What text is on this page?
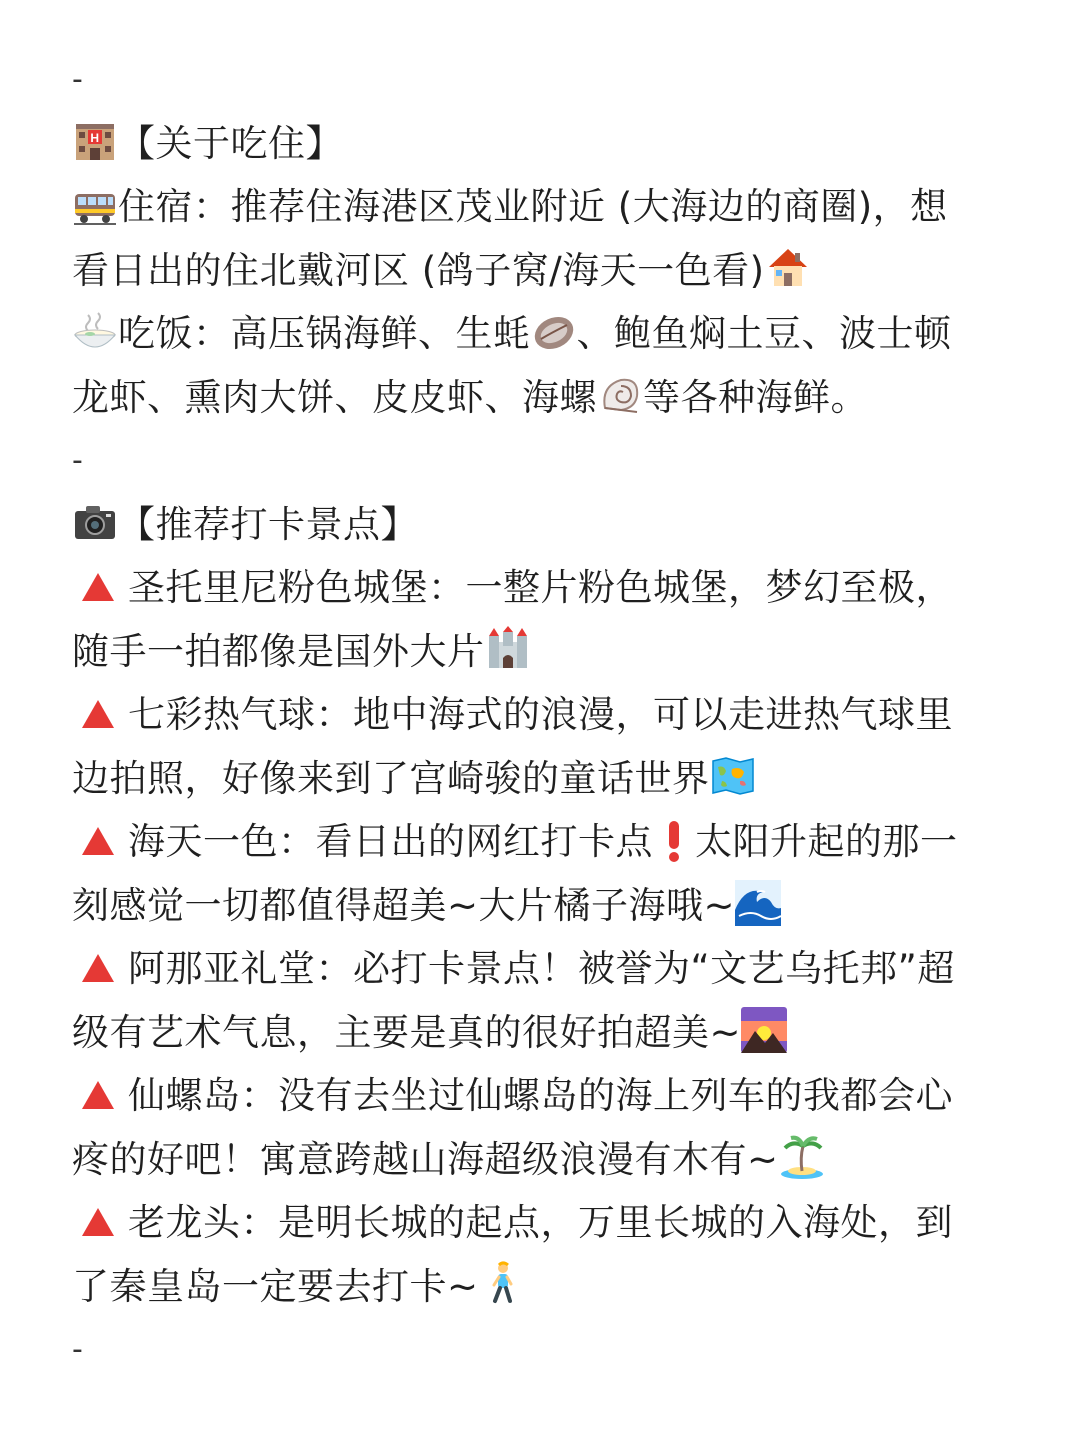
-
H 【关于吃住】
住宿：推荐住海港区茂业附近 (大海边的商圈)，想
看日出的住北戴河区 (鸽子窝/海天一色看)
吃饭：高压锅海鲜、生蚝 、鲍鱼焖土豆、波士顿
龙虾、熏肉大饼、皮皮虾、海螺 等各种海鲜。
-
【推荐打卡景点】
圣托里尼粉色城堡：一整片粉色城堡，梦幻至极，
随手一拍都像是国外大片
七彩热气球：地中海式的浪漫，可以走进热气球里
边拍照，好像来到了宫崎骏的童话世界
海天一色：看日出的网红打卡点 太阳升起的那一
刻感觉一切都值得超美~大片橘子海哦~
阿那亚礼堂：必打卡景点！被誉为“文艺乌托邦”超
级有艺术气息，主要是真的很好拍超美~
仙螺岛：没有去坐过仙螺岛的海上列车的我都会心
疼的好吧！寓意跨越山海超级浪漫有木有~
老龙头：是明长城的起点，万里长城的入海处，到
了秦皇岛一定要去打卡~
-
